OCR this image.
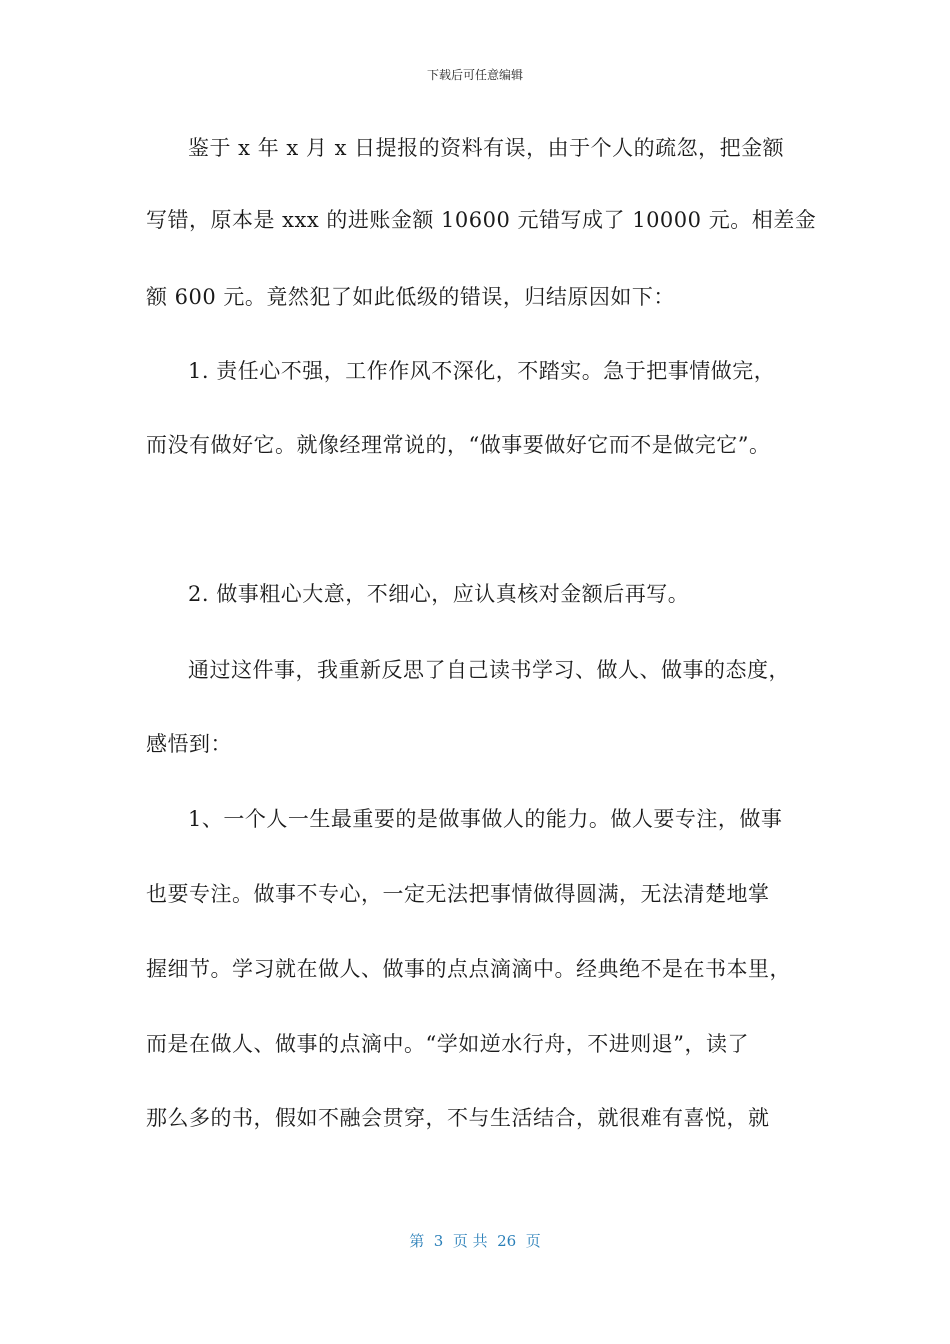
下载后可任意编辑
鉴于 x 年 x 月 x 日提报的资料有误，由于个人的疏忽，把金额
写错，原本是 xxx 的进账金额 10600 元错写成了 10000 元。相差金
额 600 元。竟然犯了如此低级的错误，归结原因如下：
1. 责任心不强，工作作风不深化，不踏实。急于把事情做完，
而没有做好它。就像经理常说的，“做事要做好它而不是做完它”。
2. 做事粗心大意，不细心，应认真核对金额后再写。
通过这件事，我重新反思了自己读书学习、做人、做事的态度，
感悟到：
1、一个人一生最重要的是做事做人的能力。做人要专注，做事
也要专注。做事不专心，一定无法把事情做得圆满，无法清楚地掌
握细节。学习就在做人、做事的点点滴滴中。经典绝不是在书本里，
而是在做人、做事的点滴中。“学如逆水行舟，不进则退”，读了
那么多的书，假如不融会贯穿，不与生活结合，就很难有喜悦，就
第  3  页 共  26  页
